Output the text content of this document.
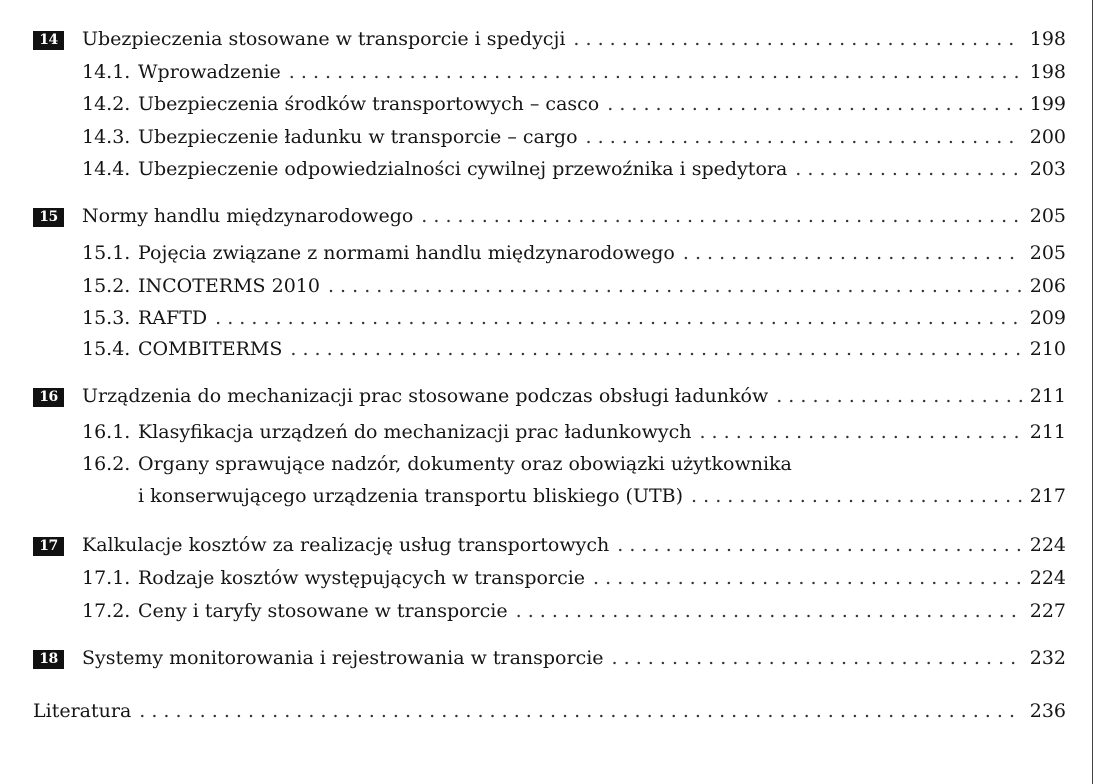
14	Ubezpieczenia stosowane w transporcie i spedycji . . .	198
14.1. Wprowadzenie . . .	198
14.2. Ubezpieczenia środków transportowych – casco . . .	199
14.3. Ubezpieczenie ładunku w transporcie – cargo . . .	200
14.4. Ubezpieczenie odpowiedzialności cywilnej przewoźnika i spedytora . . .	203
15	Normy handlu międzynarodowego . . .	205
15.1. Pojęcia związane z normami handlu międzynarodowego . . .	205
15.2. INCOTERMS 2010 . . .	206
15.3. RAFTD . . .	209
15.4. COMBITERMS . . .	210
16	Urządzenia do mechanizacji prac stosowane podczas obsługi ładunków . . .	211
16.1. Klasyfikacja urządzeń do mechanizacji prac ładunkowych . . .	211
16.2. Organy sprawujące nadzór, dokumenty oraz obowiązki użytkownika
i konserwującego urządzenia transportu bliskiego (UTB) . . .	217
17	Kalkulacje kosztów za realizację usług transportowych . . .	224
17.1. Rodzaje kosztów występujących w transporcie . . .	224
17.2. Ceny i taryfy stosowane w transporcie . . .	227
18	Systemy monitorowania i rejestrowania w transporcie . . .	232
Literatura . . .	236
